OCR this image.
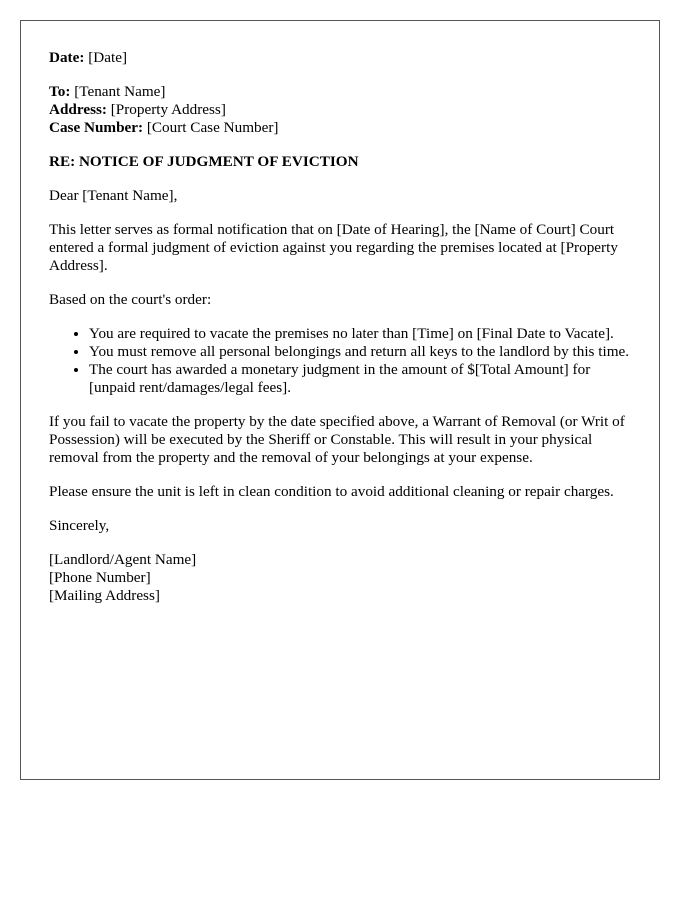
Date: [Date]
To: [Tenant Name]
Address: [Property Address]
Case Number: [Court Case Number]
RE: NOTICE OF JUDGMENT OF EVICTION

Dear [Tenant Name],

This letter serves as formal notification that on [Date of Hearing], the [Name of Court] Court entered a formal judgment of eviction against you regarding the premises located at [Property Address].

Based on the court's order:

• You are required to vacate the premises no later than [Time] on [Final Date to Vacate].
• You must remove all personal belongings and return all keys to the landlord by this time.
• The court has awarded a monetary judgment in the amount of $[Total Amount] for [unpaid rent/damages/legal fees].

If you fail to vacate the property by the date specified above, a Warrant of Removal (or Writ of Possession) will be executed by the Sheriff or Constable. This will result in your physical removal from the property and the removal of your belongings at your expense.

Please ensure the unit is left in clean condition to avoid additional cleaning or repair charges.

Sincerely,

[Landlord/Agent Name]
[Phone Number]
[Mailing Address]
